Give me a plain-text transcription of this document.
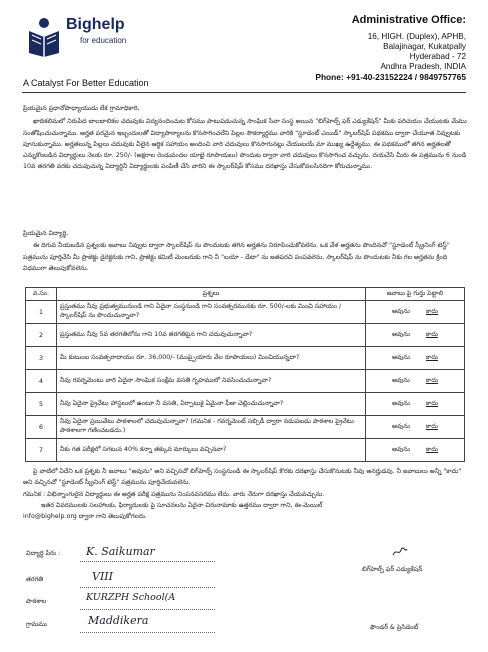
Bighelp
for education
A Catalyst For Better Education
Administrative Office:
16, HIGH. (Duplex), APHB,
Balajinagar, Kukatpally
Hyderabad - 72
Andhra Pradesh, INDIA
Phone: +91-40-23152224 / 9849757765

ప్రియమైన ప్రధానోపాధ్యాయుడు లేక గ్రామాధికారి,

ఖాదికలిమలో నిరుపేద బాలబాలికల చదువుకు విద్యనందించుట కోసము పాటుపడుచున్న సాంఘిక సేవా సంస్థ అయిన "బిగ్‌హెల్ప్ ఫర్ ఎడ్యుకేషన్" మీకు పరిచయం చేయుటకు మేము సంతోషించుచున్నాము. అర్హత పరమైన ఇబ్బందులతో విద్యాపాఠ్యాలను కొనసాగించలేని పిల్లల సౌకర్యార్థము వారికి "స్టూడెంట్ ఎయిడ్" స్కాలర్‌షిప్ పథకము ద్వారా చేయూత నివ్వుటకు పూనుకున్నాము. అర్హతలున్న పిల్లలు చదువుకు వీలైన ఆర్థిక సహాయం అందించి వారి చదువులు కొనసాగునట్లు చేయుటయే మా ముఖ్య ఉద్దేశ్యము. ఈ పథకములో తగిన అర్హతలతో ఎన్నుకొంబడిన విద్యార్థులు నెలకు రూ. 250/- (అక్షరాల రెండువందల యాభై రూపాయలు) పొందుట ద్వారా వారి చదువులు కొనసాగించ వచ్చును. దయచేసి మీరు ఈ పత్రమును 6 నుండి 10వ తరగతి వరకు చదువుచున్న విద్యార్థినీ విద్యార్థులకు పంపిణీ చేసి వారిని ఈ స్కాలర్‌షిప్ కోసము దరఖాస్తు చేసుకోవలసినదిగా కోరుచున్నాము.

ప్రియమైన విద్యార్థి,

ఈ దిగువ నీయబడిన ప్రశ్నలకు జవాబు నివ్వుట ద్వారా స్కాలర్‌షిప్ ను పొందుటకు తగిన అర్హతను నిరూపించుకోవలెను. ఒక వేళ అర్హతను పొందినచో "స్టూడెంట్ స్క్రీనింగ్ టెస్ట్" పత్రమును పూర్తిచేసి మీ ప్రాజెక్టు డైరెక్టరుకు గాని, ప్రాజెక్టు కమిటీ మెంబరుకు గాని నీ "బయో - డేటా" ను జతపరచి పంపవలెను. స్కాలర్‌షిప్ ను పొందుటకు నీకు గల అర్హతను క్రింది విధముగా తెలుపుకోవలెను.

వ.సం.	ప్రశ్నలు	జవాబు పై గుర్తు పెట్టాలి
1	ప్రస్తుతము నీవు ప్రభుత్వమునుండి గాని ఏదైనా సంస్థనుండి గాని సంవత్సరమునకు రూ. 500/-లకు మించి సహాయం / స్కాలర్‌షిప్ ను పొందుచున్నావా?	అవును కాదు
2	ప్రస్తుతము నీవు 5వ తరగతిలోను గాని 10వ తరగతిపైన గాని చదువుచున్నావా?	అవును కాదు
3	మీ కుటుంబ సంవత్సరాదాయం రూ. 36,000/- (ముప్పైయారు వేల రూపాయలు) మించియున్నదా?	అవును కాదు
4	నీవు గవర్నమెంటు వారి ఏదైనా సాంఘిక సంక్షేమ వసతి గృహములో నివసించుచున్నావా?	అవును కాదు
5	నీవు ఏదైనా ప్రైవేటు హాస్టలులో ఉంటూ నీ వసతి, ఏర్పాటుకై ఏమైనా ఫీజు చెల్లించుచున్నావా?	అవును కాదు
6	నీవు ఏదైనా ప్రయివేటు పాఠశాలలో చదువుచున్నావా? (గమనిక - గవర్నమెంట్ సబ్సిడీ ద్వారా నడుపబడు పాఠశాల ప్రైవేటు పాఠశాలగా గణించబడదు.)	అవును కాదు
7	నీకు గత పరీక్షలో సగటున 40% కన్నా తక్కువ మార్కులు వచ్చినవా?	అవును కాదు

పై వాటిలో ఏదేని ఒక ప్రశ్నకు నీ జవాబు "అవును" అని వచ్చినచో బిగ్‌హెల్ప్ సంస్థనుండి ఈ స్కాలర్‌షిప్ కొరకు దరఖాస్తు చేసుకొనుటకు నీవు అనర్హుడవు. నీ జవాబులు అన్నీ "కాదు" అని వచ్చినచో "స్టూడెంట్ స్క్రీనింగ్ టెస్ట్" పత్రమును పూర్తిచేయవలెను.

గమనిక : విభిన్నాంగులైన విద్యార్థులు ఈ అర్హత పరీక్ష పత్రమును నింపనవసరము లేదు. వారు నేరుగా దరఖాస్తు చేయవచ్చును.

ఇతర వివరములకు సలహాలకు, ఫిర్యాదులకు పై సూచనలను ఏదైనా చిరునామాకు ఉత్తరము ద్వారా గాని, ఈ-మెయిల్

info@bighelp.org ద్వారా గాని తెలుపుకోగలరు.

విద్యార్థి పేరు : K. Saikumar
తరగతి	VIII
పాఠశాల	KURZPH School(A
గ్రామము	Maddikera
బిగ్‌హెల్ప్ ఫర్ ఎడ్యుకేషన్
ఫౌండర్ & ప్రెసిడెంట్
